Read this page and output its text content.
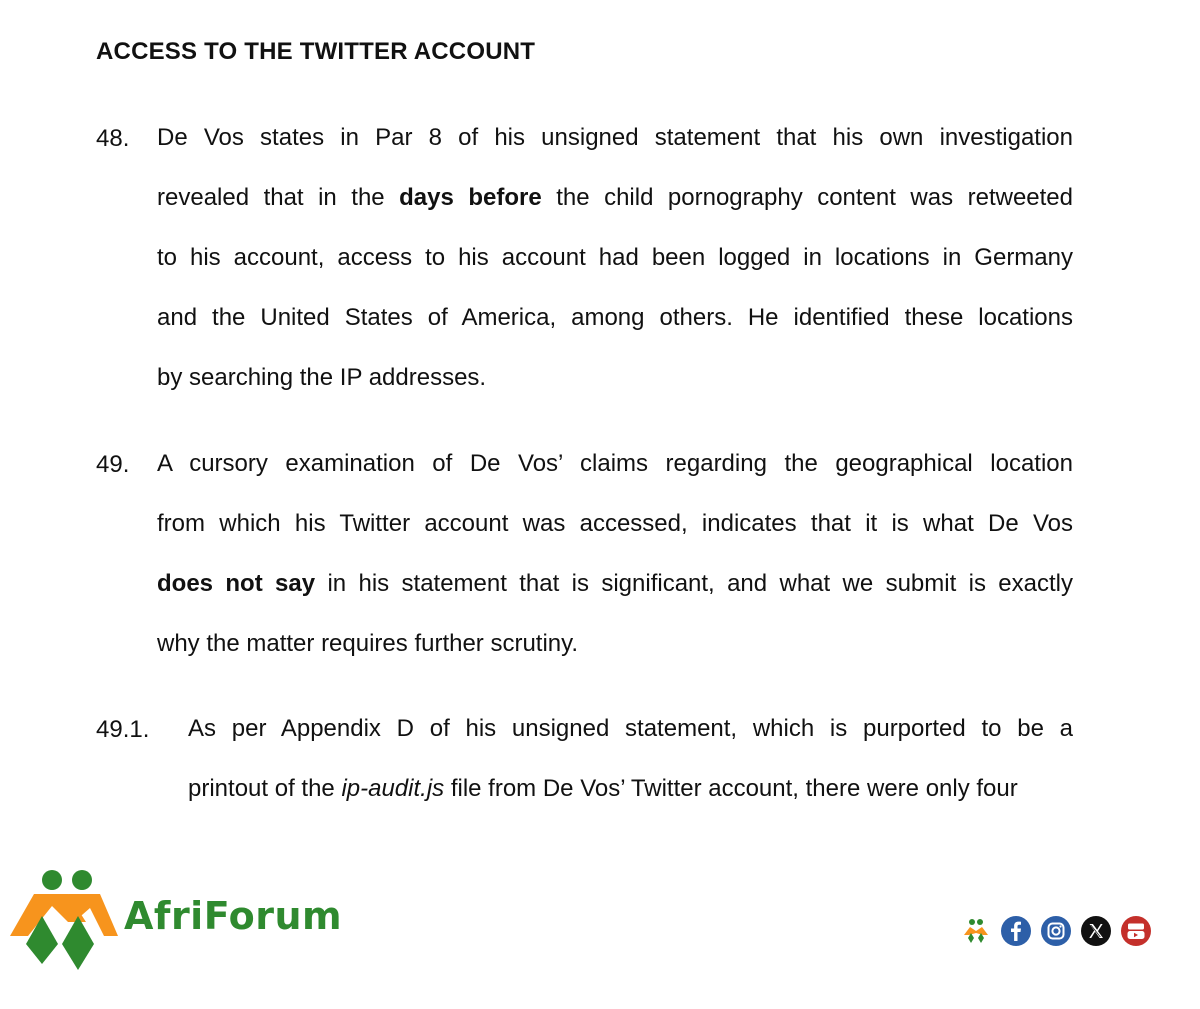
ACCESS TO THE TWITTER ACCOUNT
48. De Vos states in Par 8 of his unsigned statement that his own investigation
revealed that in the days before the child pornography content was retweeted
to his account, access to his account had been logged in locations in Germany
and the United States of America, among others. He identified these locations
by searching the IP addresses.
49. A cursory examination of De Vos’ claims regarding the geographical location
from which his Twitter account was accessed, indicates that it is what De Vos
does not say in his statement that is significant, and what we submit is exactly
why the matter requires further scrutiny.
49.1. As per Appendix D of his unsigned statement, which is purported to be a
printout of the ip-audit.js file from De Vos’ Twitter account, there were only four
AfriForum
